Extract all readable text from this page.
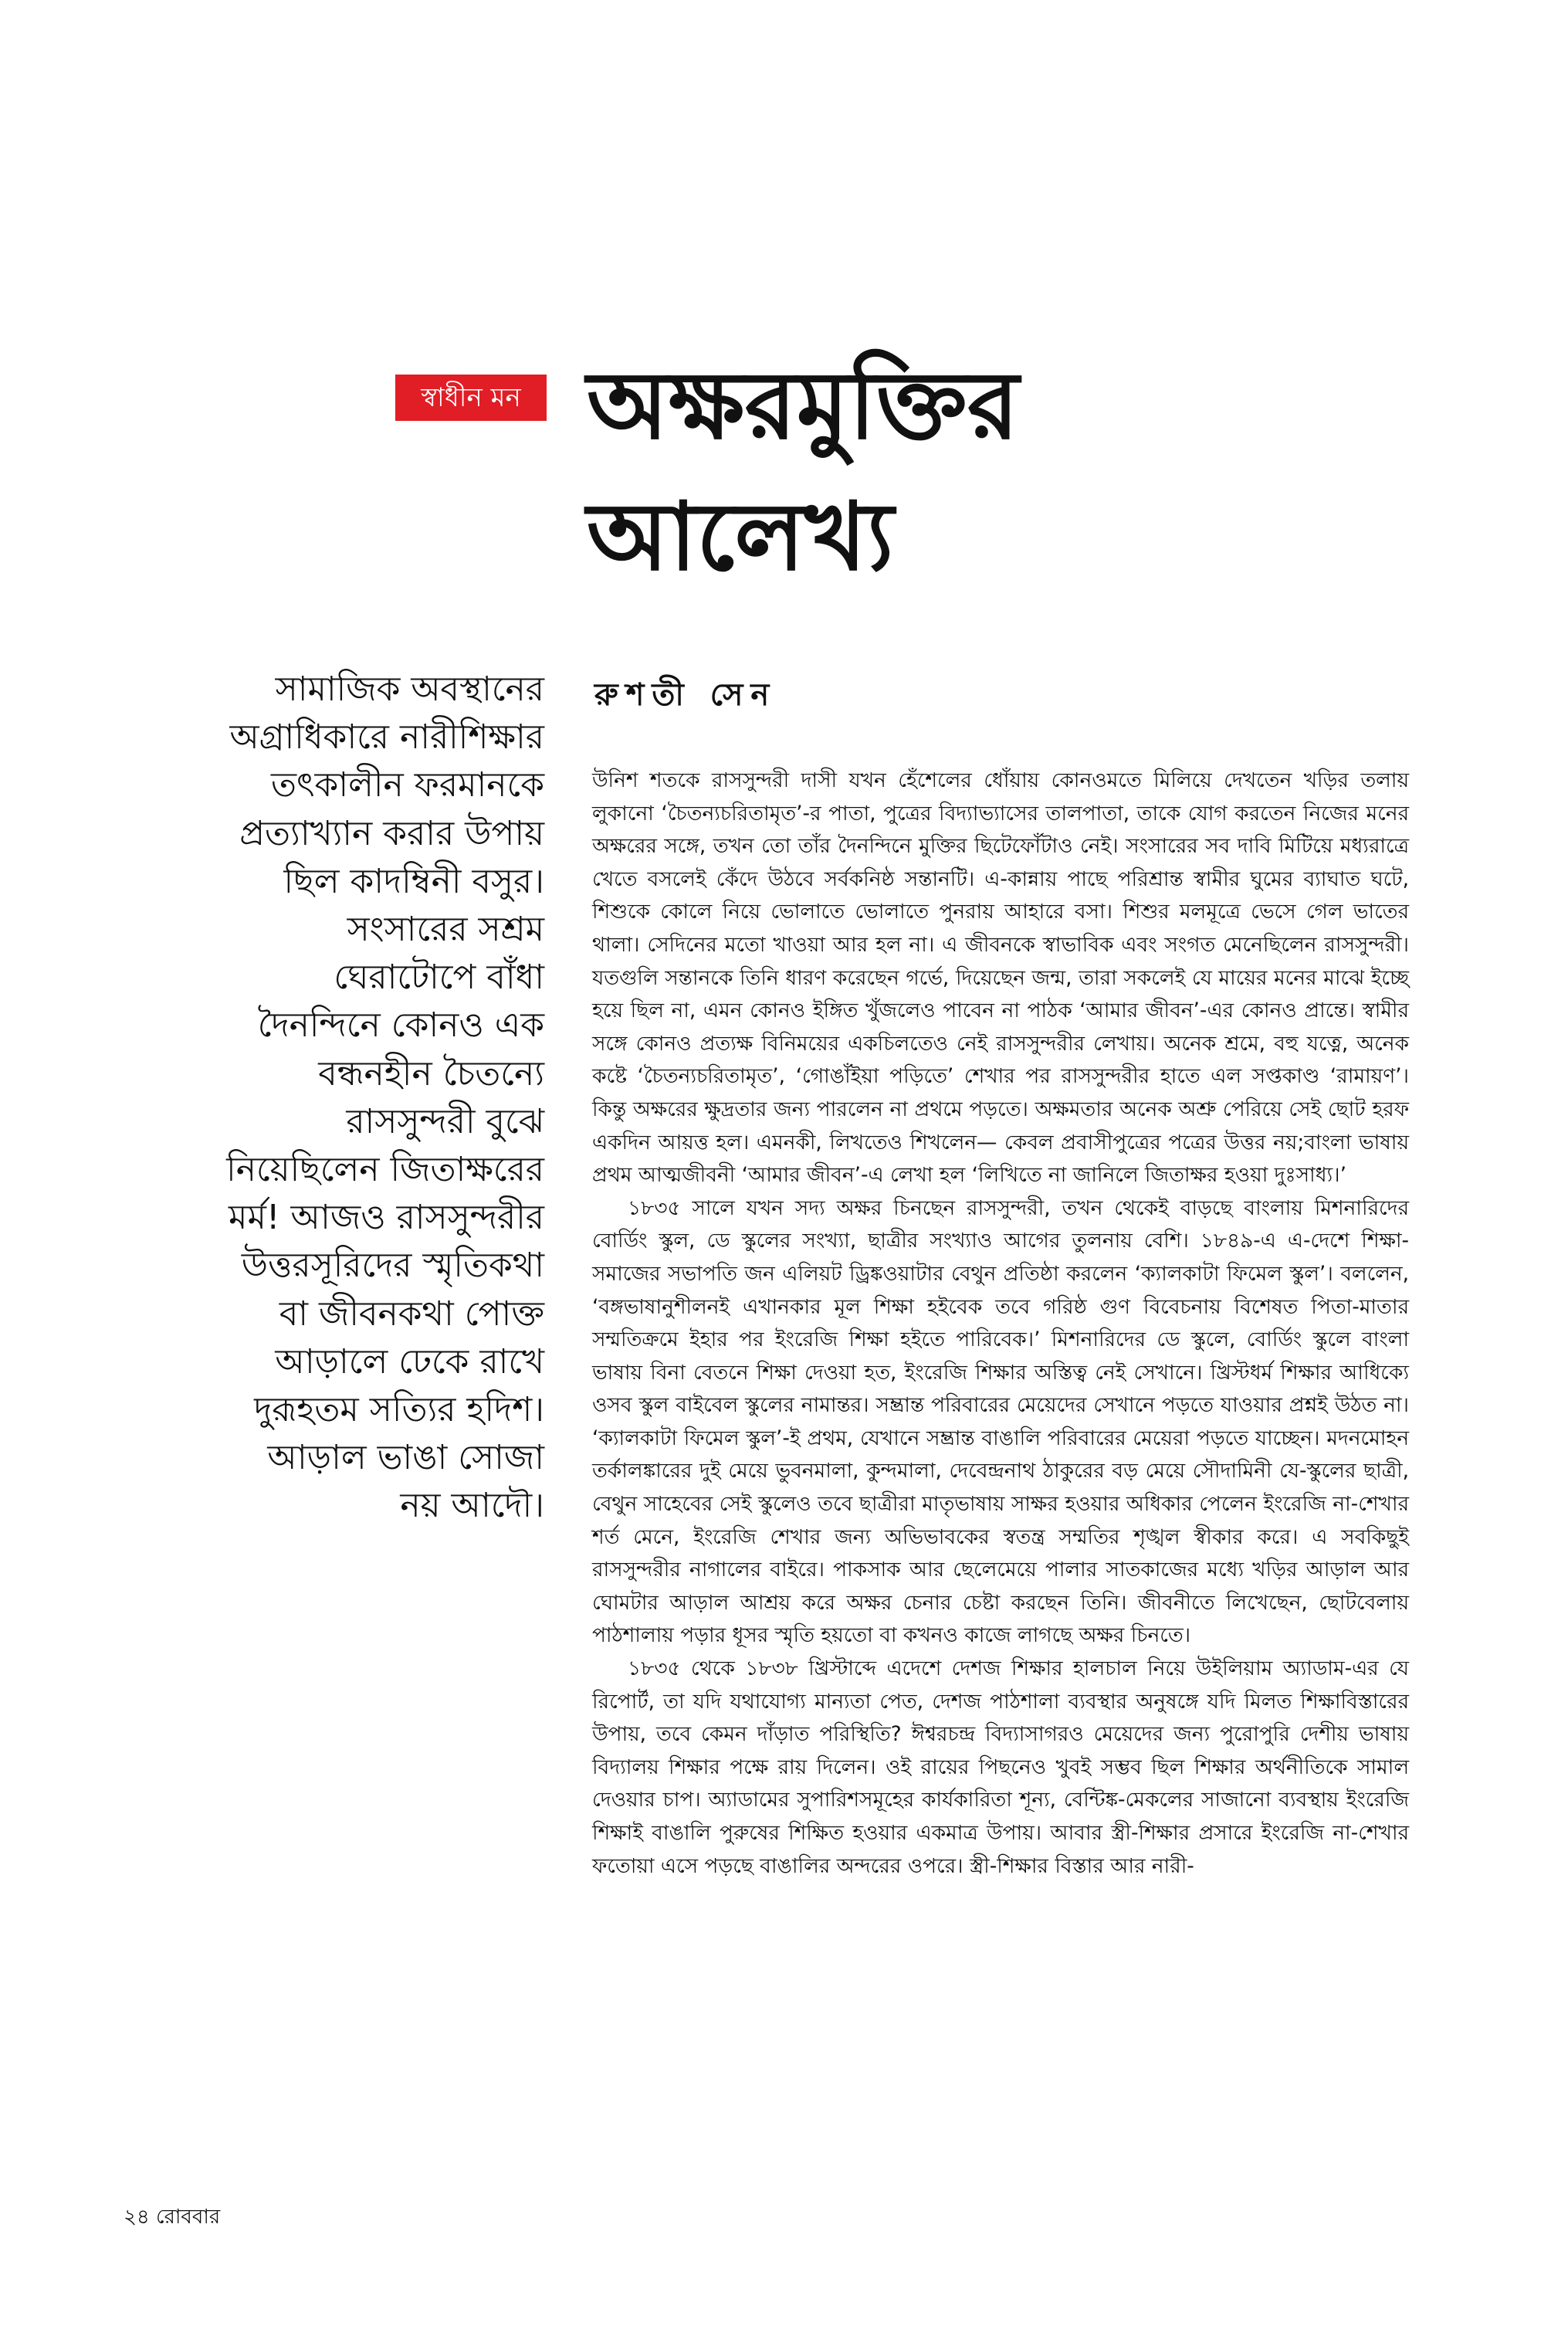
স্বাধীন মন অক্ষরমুক্তির
আলেখ্য
সামাজিক অবস্থানের
অগ্রাধিকারে নারীশিক্ষার
তৎকালীন ফরমানকে
প্রত্যাখ্যান করার উপায়
ছিল কাদম্বিনী বসুর।
সংসারের সশ্রম
ঘেরাটোপে বাঁধা
দৈনন্দিনে কোনও এক
বন্ধনহীন চৈতন্যে
রাসসুন্দরী বুঝে
নিয়েছিলেন জিতাক্ষরের
মর্ম! আজও রাসসুন্দরীর
উত্তরসূরিদের স্মৃতিকথা
বা জীবনকথা পোক্ত
আড়ালে ঢেকে রাখে
দুরূহতম সত্যির হদিশ।
আড়াল ভাঙা সোজা
নয় আদৌ।
রুশতী সেন

উনিশ শতকে রাসসুন্দরী দাসী যখন হেঁশেলের ধোঁয়ায় কোনওমতে মিলিয়ে দেখতেন খড়ির তলায় লুকানো ‘চৈতন্যচরিতামৃত’-র পাতা, পুত্রের বিদ্যাভ্যাসের তালপাতা, তাকে যোগ করতেন নিজের মনের অক্ষরের সঙ্গে, তখন তো তাঁর দৈনন্দিনে মুক্তির ছিটেফোঁটাও নেই। সংসারের সব দাবি মিটিয়ে মধ্যরাত্রে খেতে বসলেই কেঁদে উঠবে সর্বকনিষ্ঠ সন্তানটি। এ-কান্নায় পাছে পরিশ্রান্ত স্বামীর ঘুমের ব্যাঘাত ঘটে, শিশুকে কোলে নিয়ে ভোলাতে ভোলাতে পুনরায় আহারে বসা। শিশুর মলমূত্রে ভেসে গেল ভাতের থালা। সেদিনের মতো খাওয়া আর হল না। এ জীবনকে স্বাভাবিক এবং সংগত মেনেছিলেন রাসসুন্দরী। যতগুলি সন্তানকে তিনি ধারণ করেছেন গর্ভে, দিয়েছেন জন্ম, তারা সকলেই যে মায়ের মনের মাঝে ইচ্ছে হয়ে ছিল না, এমন কোনও ইঙ্গিত খুঁজলেও পাবেন না পাঠক ‘আমার জীবন’-এর কোনও প্রান্তে। স্বামীর সঙ্গে কোনও প্রত্যক্ষ বিনিময়ের একচিলতেও নেই রাসসুন্দরীর লেখায়। অনেক শ্রমে, বহু যত্নে, অনেক কষ্টে ‘চৈতন্যচরিতামৃত’, ‘গোঙাঁইয়া পড়িতে’ শেখার পর রাসসুন্দরীর হাতে এল সপ্তকাণ্ড ‘রামায়ণ’। কিন্তু অক্ষরের ক্ষুদ্রতার জন্য পারলেন না প্রথমে পড়তে। অক্ষমতার অনেক অশ্রু পেরিয়ে সেই ছোট হরফ একদিন আয়ত্ত হল। এমনকী, লিখতেও শিখলেন— কেবল প্রবাসীপুত্রের পত্রের উত্তর নয়;বাংলা ভাষায় প্রথম আত্মজীবনী ‘আমার জীবন’-এ লেখা হল ‘লিখিতে না জানিলে জিতাক্ষর হওয়া দুঃসাধ্য।’

১৮৩৫ সালে যখন সদ্য অক্ষর চিনছেন রাসসুন্দরী, তখন থেকেই বাড়ছে বাংলায় মিশনারিদের বোর্ডিং স্কুল, ডে স্কুলের সংখ্যা, ছাত্রীর সংখ্যাও আগের তুলনায় বেশি। ১৮৪৯-এ এ-দেশে শিক্ষা-সমাজের সভাপতি জন এলিয়ট ড্রিঙ্কওয়াটার বেথুন প্রতিষ্ঠা করলেন ‘ক্যালকাটা ফিমেল স্কুল’। বললেন, ‘বঙ্গভাষানুশীলনই এখানকার মূল শিক্ষা হইবেক তবে গরিষ্ঠ গুণ বিবেচনায় বিশেষত পিতা-মাতার সম্মতিক্রমে ইহার পর ইংরেজি শিক্ষা হইতে পারিবেক।’ মিশনারিদের ডে স্কুলে, বোর্ডিং স্কুলে বাংলা ভাষায় বিনা বেতনে শিক্ষা দেওয়া হত, ইংরেজি শিক্ষার অস্তিত্ব নেই সেখানে। খ্রিস্টধর্ম শিক্ষার আধিক্যে ওসব স্কুল বাইবেল স্কুলের নামান্তর। সম্ভ্রান্ত পরিবারের মেয়েদের সেখানে পড়তে যাওয়ার প্রশ্নই উঠত না। ‘ক্যালকাটা ফিমেল স্কুল’-ই প্রথম, যেখানে সম্ভ্রান্ত বাঙালি পরিবারের মেয়েরা পড়তে যাচ্ছেন। মদনমোহন তর্কালঙ্কারের দুই মেয়ে ভুবনমালা, কুন্দমালা, দেবেন্দ্রনাথ ঠাকুরের বড় মেয়ে সৌদামিনী যে-স্কুলের ছাত্রী, বেথুন সাহেবের সেই স্কুলেও তবে ছাত্রীরা মাতৃভাষায় সাক্ষর হওয়ার অধিকার পেলেন ইংরেজি না-শেখার শর্ত মেনে, ইংরেজি শেখার জন্য অভিভাবকের স্বতন্ত্র সম্মতির শৃঙ্খল স্বীকার করে। এ সবকিছুই রাসসুন্দরীর নাগালের বাইরে। পাকসাক আর ছেলেমেয়ে পালার সাতকাজের মধ্যে খড়ির আড়াল আর ঘোমটার আড়াল আশ্রয় করে অক্ষর চেনার চেষ্টা করছেন তিনি। জীবনীতে লিখেছেন, ছোটবেলায় পাঠশালায় পড়ার ধূসর স্মৃতি হয়তো বা কখনও কাজে লাগছে অক্ষর চিনতে।

১৮৩৫ থেকে ১৮৩৮ খ্রিস্টাব্দে এদেশে দেশজ শিক্ষার হালচাল নিয়ে উইলিয়াম অ্যাডাম-এর যে রিপোর্ট, তা যদি যথাযোগ্য মান্যতা পেত, দেশজ পাঠশালা ব্যবস্থার অনুষঙ্গে যদি মিলত শিক্ষাবিস্তারের উপায়, তবে কেমন দাঁড়াত পরিস্থিতি? ঈশ্বরচন্দ্র বিদ্যাসাগরও মেয়েদের জন্য পুরোপুরি দেশীয় ভাষায় বিদ্যালয় শিক্ষার পক্ষে রায় দিলেন। ওই রায়ের পিছনেও খুবই সম্ভব ছিল শিক্ষার অর্থনীতিকে সামাল দেওয়ার চাপ। অ্যাডামের সুপারিশসমূহের কার্যকারিতা শূন্য, বেন্টিঙ্ক-মেকলের সাজানো ব্যবস্থায় ইংরেজি শিক্ষাই বাঙালি পুরুষের শিক্ষিত হওয়ার একমাত্র উপায়। আবার স্ত্রী-শিক্ষার প্রসারে ইংরেজি না-শেখার ফতোয়া এসে পড়ছে বাঙালির অন্দরের ওপরে। স্ত্রী-শিক্ষার বিস্তার আর নারী-

২৪ রোববার
